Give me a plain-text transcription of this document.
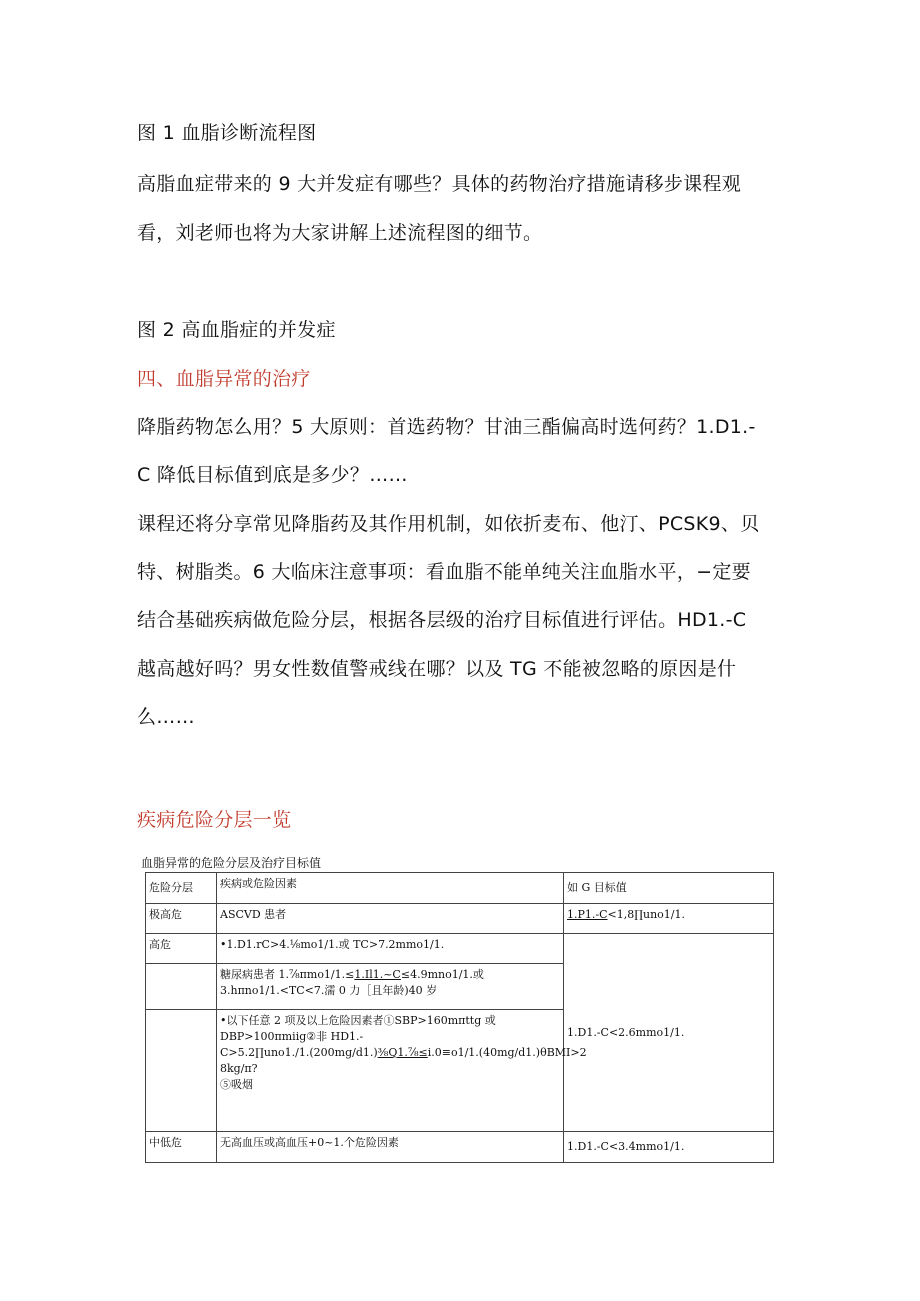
图 1 血脂诊断流程图

高脂血症带来的 9 大并发症有哪些？具体的药物治疗措施请移步课程观

看，刘老师也将为大家讲解上述流程图的细节。

图 2 高血脂症的并发症

四、血脂异常的治疗

降脂药物怎么用？5 大原则：首选药物？甘油三酯偏高时选何药？1.D1.-

C 降低目标值到底是多少？……

课程还将分享常见降脂药及其作用机制，如依折麦布、他汀、PCSK9、贝

特、树脂类。6 大临床注意事项：看血脂不能单纯关注血脂水平，−定要

结合基础疾病做危险分层，根据各层级的治疗目标值进行评估。HD1.-C

越高越好吗？男女性数值警戒线在哪？以及 TG 不能被忽略的原因是什

么……

疾病危险分层一览

血脂异常的危险分层及治疗目标值

危险分层	疾病或危险因素	如 G 目标值
极高危	ASCVD 患者	1.P1.-C<1,8∏uno1/1.
高危	•1.D1.rC>4.⅛mo1/1.或 TC>7.2mmo1/1.	1.D1.-C<2.6mmo1/1.

	糖尿病患者 1.⅞πmo1/1.≤1.Il1.~C≤4.9mno1/1.或
3.hπno1/1.<TC<7.濡 0 力［且年龄)40 岁	

	•以下任意 2 项及以上危险因素者①SBP>160mπttg 或
DBP>100πmiig②非 HD1.-
C>5.2∏uno1./1.(200mg∕d1.)⅜Q1.⅞≤i.0≡o1/1.(40mg∕d1.)θBMI>2
8kg∕π?
⑤吸烟	

中低危	无高血压或高血压+0~1.个危险因素	1.D1.-C<3.4mmo1/1.
